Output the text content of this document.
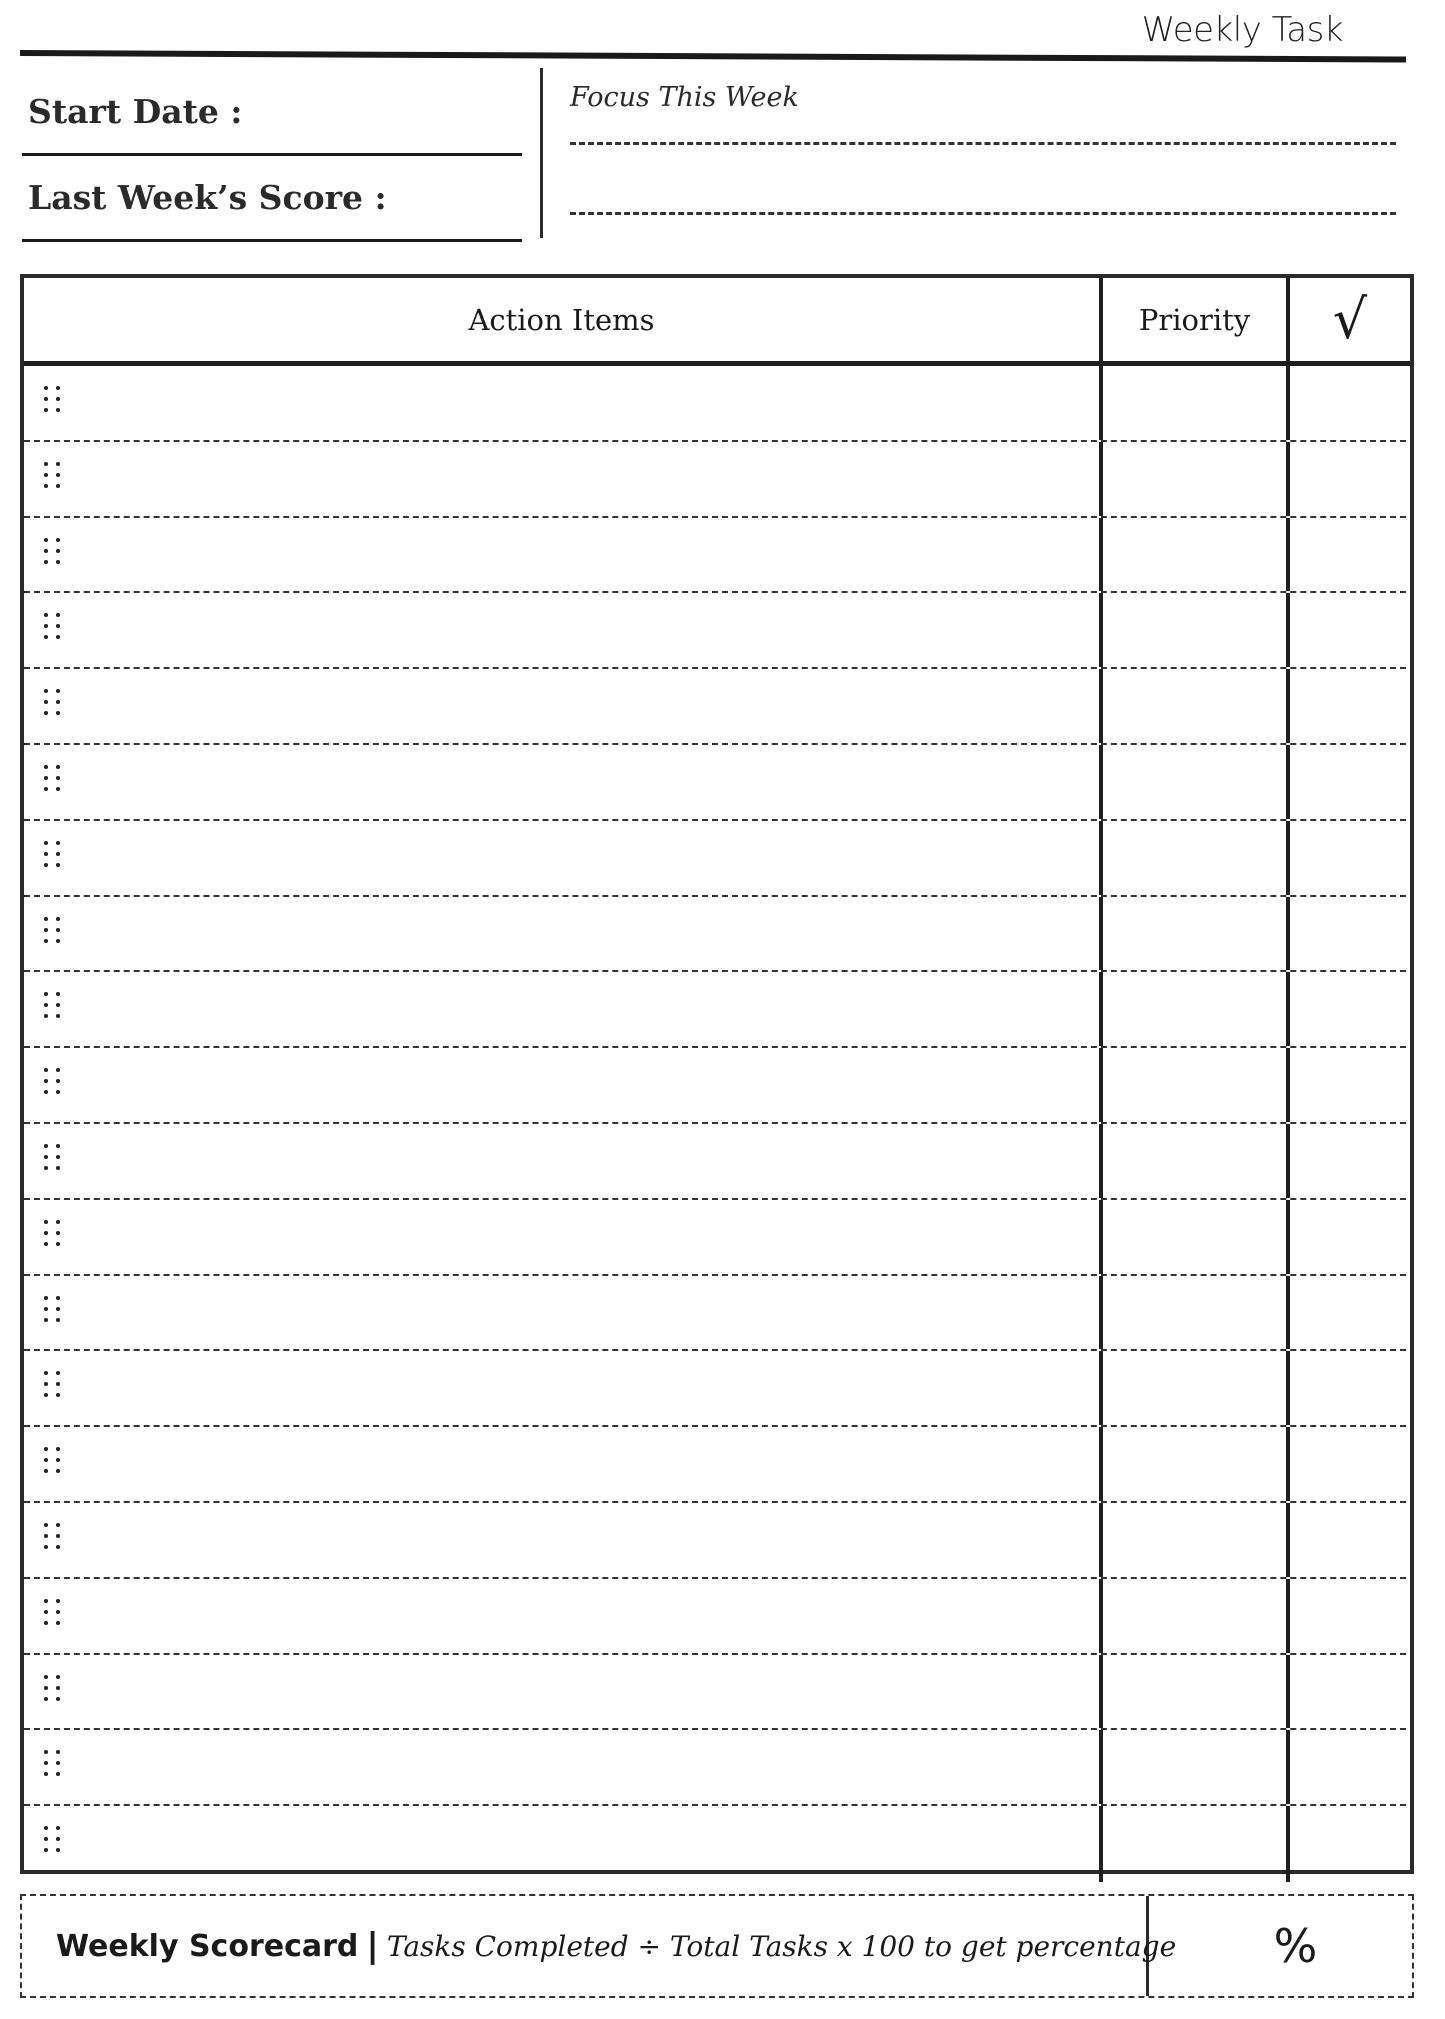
Weekly Task
Start Date :
Last Week’s Score :
Focus This Week
Action Items	Priority	√
Weekly Scorecard | Tasks Completed ÷ Total Tasks x 100 to get percentage %
